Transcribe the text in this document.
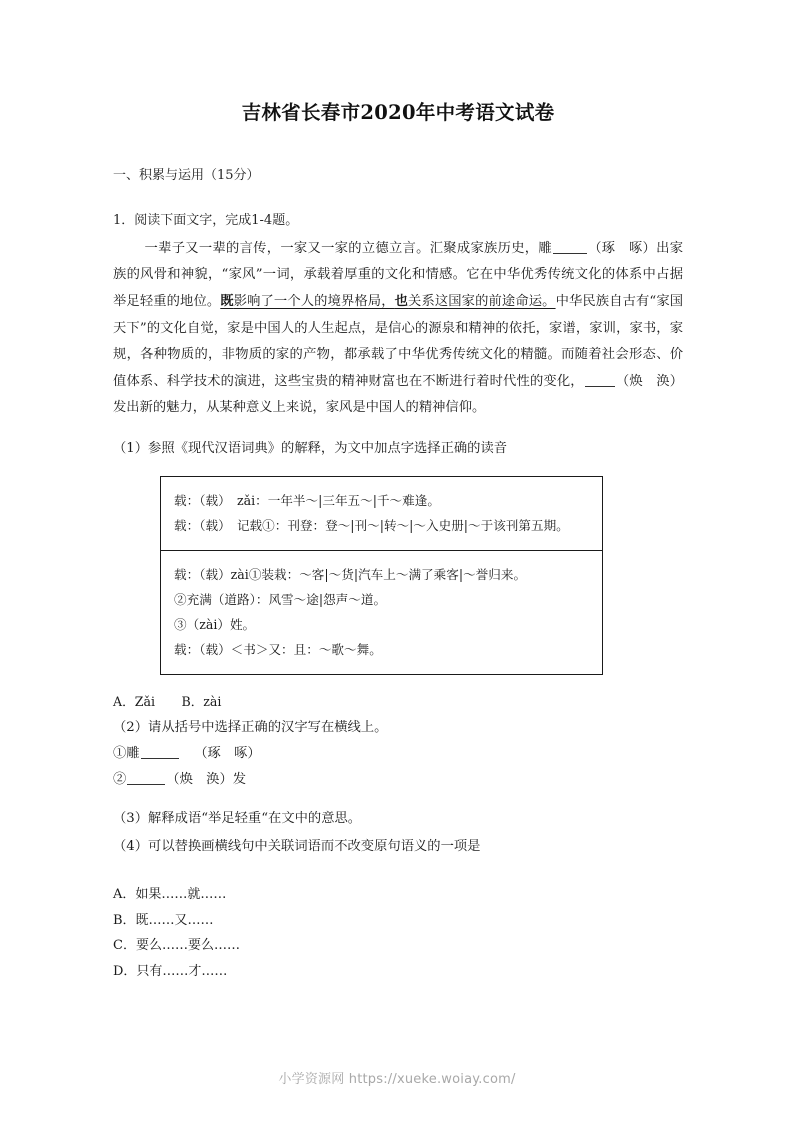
吉林省长春市2020年中考语文试卷
一、积累与运用（15分）
1．阅读下面文字，完成1-4题。
一辈子又一辈的言传，一家又一家的立德立言。汇聚成家族历史，雕	（琢　啄）出家族的风骨和神貌，“家风”一词，承载着厚重的文化和情感。它在中华优秀传统文化的体系中占据举足轻重的地位。既影响了一个人的境界格局，也关系这国家的前途命运。中华民族自古有“家国天下”的文化自觉，家是中国人的人生起点，是信心的源泉和精神的依托，家谱，家训，家书，家规，各种物质的，非物质的家的产物，都承载了中华优秀传统文化的精髓。而随着社会形态、价值体系、科学技术的演进，这些宝贵的精神财富也在不断进行着时代性的变化， （焕　涣）发出新的魅力，从某种意义上来说，家风是中国人的精神信仰。
（1）参照《现代汉语词典》的解释，为文中加点字选择正确的读音
载：（载）　zǎi：一年半～|三年五～|千～难逢。
载：（载）　记载①：刊登：登～|刊～|转～|～入史册|～于该刊第五期。
载：（载）zài①装栽：～客|～货|汽车上～满了乘客|～誉归来。
②充满（道路）：风雪～途|怨声～道。
③（zài）姓。
载：（载）＜书＞又：且：～歌～舞。
A．Zǎi B．zài
（2）请从括号中选择正确的汉字写在横线上。
①雕	（琢　啄）
②	（焕　涣）发
（3）解释成语“举足轻重“在文中的意思。
（4）可以替换画横线句中关联词语而不改变原句语义的一项是
A．如果……就……
B．既……又……
C．要么……要么……
D．只有……才……
小学资源网 https://xueke.woiay.com/
